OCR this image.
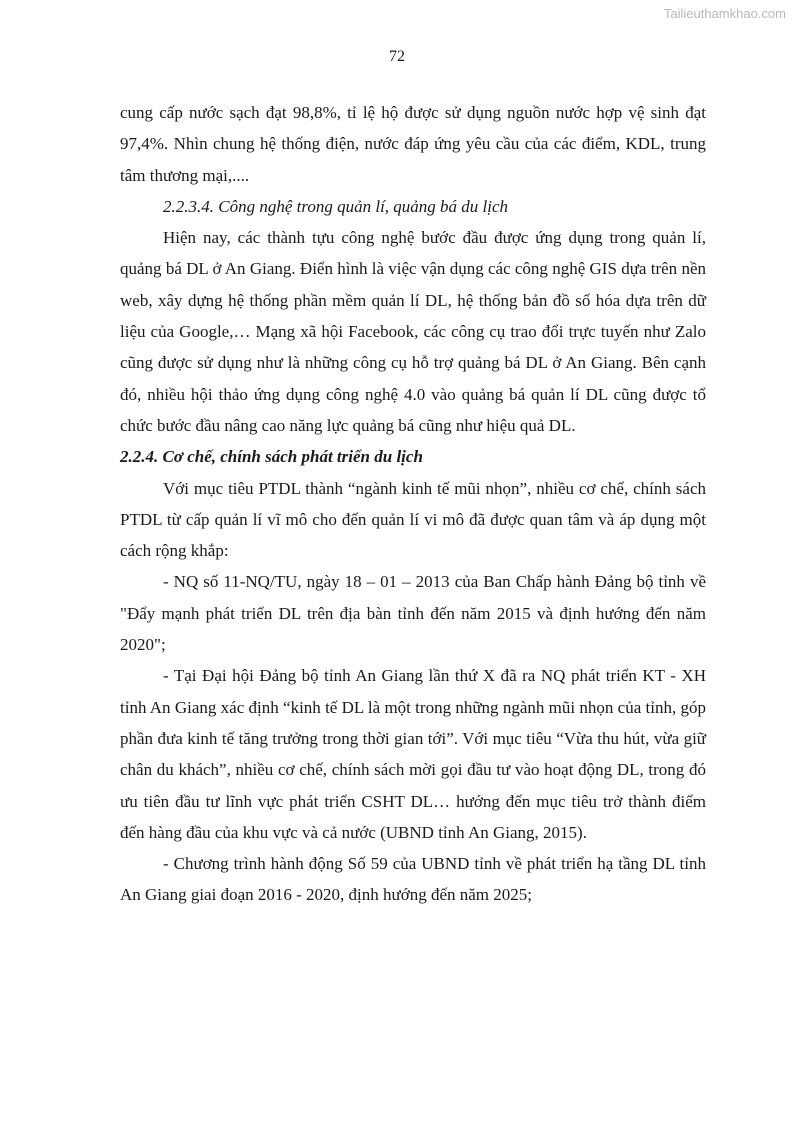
Tailieuthamkhao.com
72

cung cấp nước sạch đạt 98,8%, tỉ lệ hộ được sử dụng nguồn nước hợp vệ sinh đạt 97,4%. Nhìn chung hệ thống điện, nước đáp ứng yêu cầu của các điểm, KDL, trung tâm thương mại,....

2.2.3.4. Công nghệ trong quản lí, quảng bá du lịch

Hiện nay, các thành tựu công nghệ bước đầu được ứng dụng trong quản lí, quảng bá DL ở An Giang. Điển hình là việc vận dụng các công nghệ GIS dựa trên nền web, xây dựng hệ thống phần mềm quản lí DL, hệ thống bản đồ số hóa dựa trên dữ liệu của Google,… Mạng xã hội Facebook, các công cụ trao đổi trực tuyến như Zalo cũng được sử dụng như là những công cụ hỗ trợ quảng bá DL ở An Giang. Bên cạnh đó, nhiều hội thảo ứng dụng công nghệ 4.0 vào quảng bá quản lí DL cũng được tổ chức bước đầu nâng cao năng lực quảng bá cũng như hiệu quả DL.

2.2.4. Cơ chế, chính sách phát triển du lịch

Với mục tiêu PTDL thành “ngành kinh tế mũi nhọn”, nhiều cơ chế, chính sách PTDL từ cấp quản lí vĩ mô cho đến quản lí vi mô đã được quan tâm và áp dụng một cách rộng khắp:

- NQ số 11-NQ/TU, ngày 18 – 01 – 2013 của Ban Chấp hành Đảng bộ tỉnh về "Đẩy mạnh phát triển DL trên địa bàn tỉnh đến năm 2015 và định hướng đến năm 2020";

- Tại Đại hội Đảng bộ tỉnh An Giang lần thứ X đã ra NQ phát triển KT - XH tỉnh An Giang xác định “kinh tế DL là một trong những ngành mũi nhọn của tỉnh, góp phần đưa kinh tế tăng trưởng trong thời gian tới”. Với mục tiêu “Vừa thu hút, vừa giữ chân du khách”, nhiều cơ chế, chính sách mời gọi đầu tư vào hoạt động DL, trong đó ưu tiên đầu tư lĩnh vực phát triển CSHT DL… hướng đến mục tiêu trở thành điểm đến hàng đầu của khu vực và cả nước (UBND tỉnh An Giang, 2015).

- Chương trình hành động Số 59 của UBND tỉnh về phát triển hạ tầng DL tỉnh An Giang giai đoạn 2016 - 2020, định hướng đến năm 2025;
